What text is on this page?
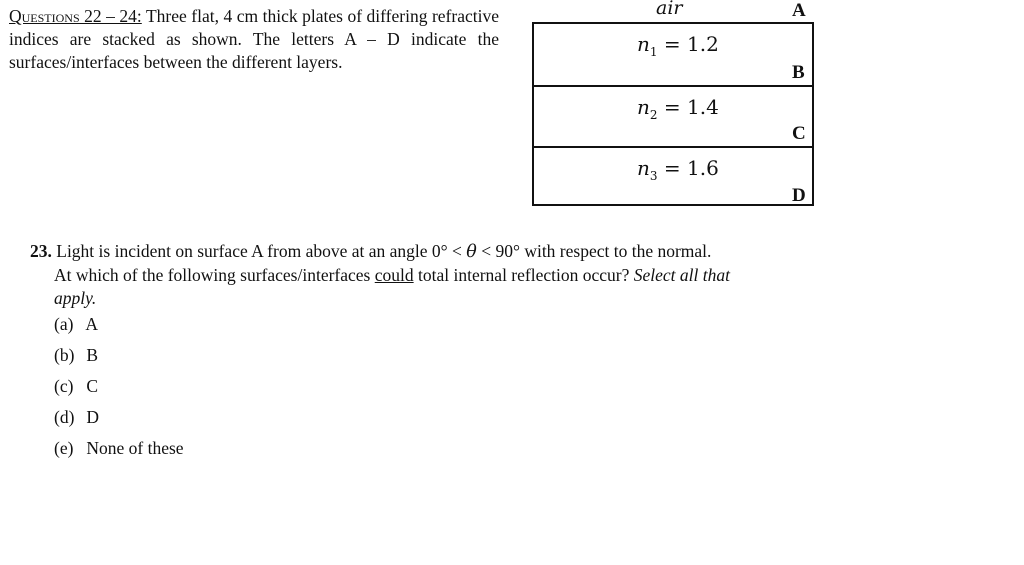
Questions 22 – 24: Three flat, 4 cm thick plates of differing refractive indices are stacked as shown. The letters A – D indicate the surfaces/interfaces between the different layers.
air	A
B
C
D
$n_1 = 1.2$
$n_2 = 1.4$
$n_3 = 1.6$
23. Light is incident on surface A from above at an angle 0° < θ < 90° with respect to the normal.
At which of the following surfaces/interfaces could total internal reflection occur? Select all that apply.
(a) A
(b) B
(c) C
(d) D
(e) None of these
